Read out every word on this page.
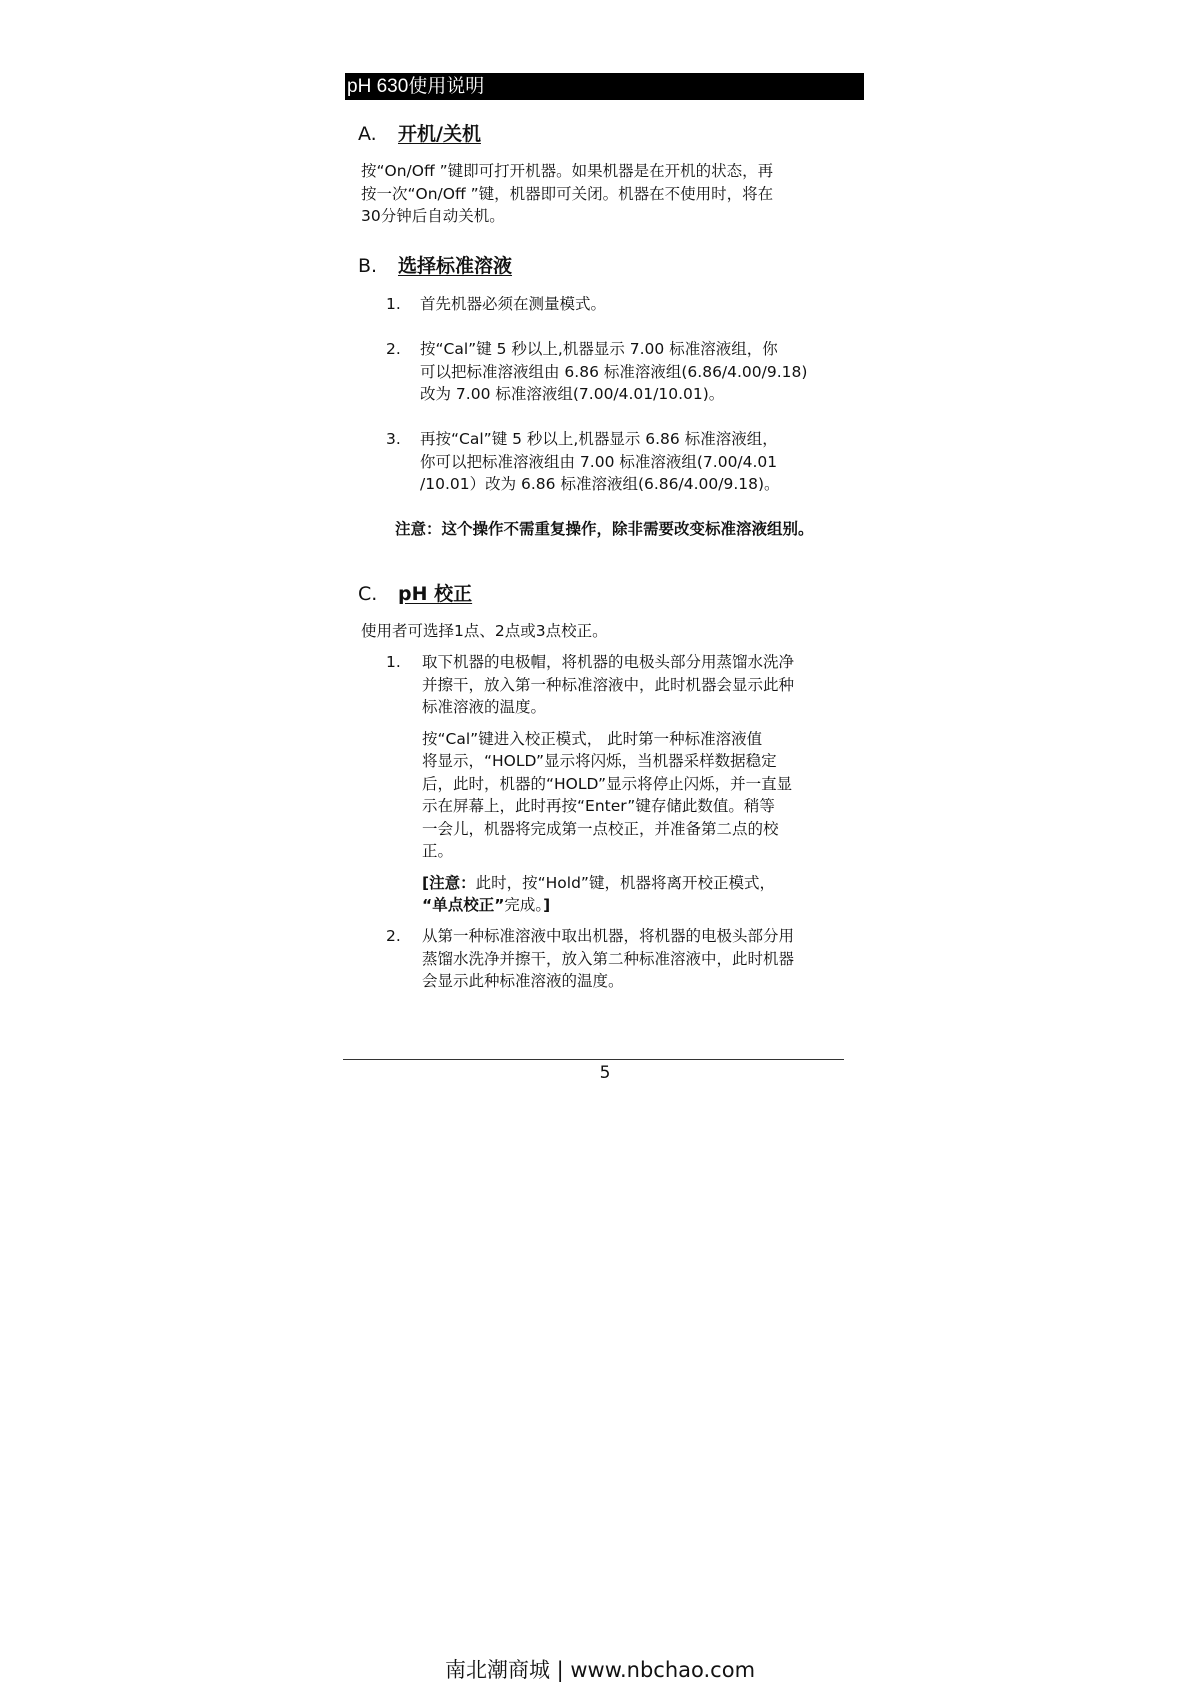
pH 630使用说明
A. 开机/关机
按“On/Off ”键即可打开机器。如果机器是在开机的状态，再
按一次“On/Off ”键，机器即可关闭。机器在不使用时，将在
30分钟后自动关机。
B. 选择标准溶液
1.	首先机器必须在测量模式。
2.	按“Cal”键 5 秒以上,机器显示 7.00 标准溶液组，你
可以把标准溶液组由 6.86 标准溶液组(6.86/4.00/9.18)
改为 7.00 标准溶液组(7.00/4.01/10.01)。
3.	再按“Cal”键 5 秒以上,机器显示 6.86 标准溶液组，
你可以把标准溶液组由 7.00 标准溶液组(7.00/4.01
/10.01）改为 6.86 标准溶液组(6.86/4.00/9.18)。
注意：这个操作不需重复操作，除非需要改变标准溶液组别。
C. pH 校正
使用者可选择1点、2点或3点校正。
1.	取下机器的电极帽，将机器的电极头部分用蒸馏水洗净
并擦干，放入第一种标准溶液中，此时机器会显示此种
标准溶液的温度。
按“Cal”键进入校正模式， 此时第一种标准溶液值
将显示，“HOLD”显示将闪烁，当机器采样数据稳定
后，此时，机器的“HOLD”显示将停止闪烁，并一直显
示在屏幕上，此时再按“Enter”键存储此数值。稍等
一会儿，机器将完成第一点校正，并准备第二点的校
正。
[注意：此时，按“Hold”键，机器将离开校正模式，
“单点校正”完成。]
2.	从第一种标准溶液中取出机器，将机器的电极头部分用
蒸馏水洗净并擦干，放入第二种标准溶液中，此时机器
会显示此种标准溶液的温度。
5
南北潮商城 | www.nbchao.com
